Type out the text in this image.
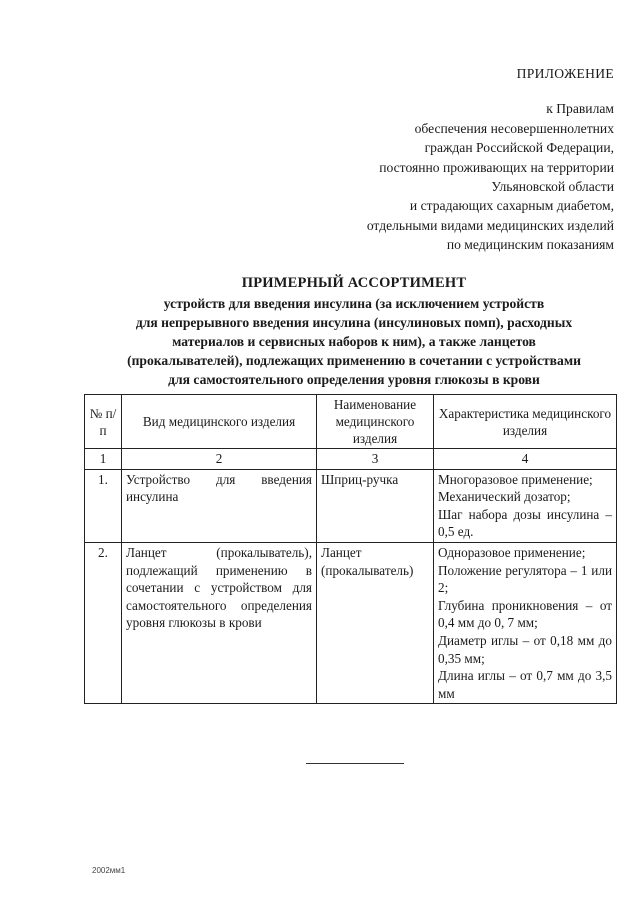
ПРИЛОЖЕНИЕ
к Правилам
обеспечения несовершеннолетних
граждан Российской Федерации,
постоянно проживающих на территории
Ульяновской области
и страдающих сахарным диабетом,
отдельными видами медицинских изделий
по медицинским показаниям
ПРИМЕРНЫЙ АССОРТИМЕНТ
устройств для введения инсулина (за исключением устройств
для непрерывного введения инсулина (инсулиновых помп), расходных
материалов и сервисных наборов к ним), а также ланцетов
(прокалывателей), подлежащих применению в сочетании с устройствами
для самостоятельного определения уровня глюкозы в крови
№ п/п	Вид медицинского изделия	Наименование медицинского изделия	Характеристика медицинского изделия
1	2	3	4
1.	Устройство для введения инсулина	Шприц-ручка	Многоразовое применение;
Механический дозатор;
Шаг набора дозы инсулина – 0,5 ед.

2.	Ланцет (прокалыватель), подлежащий применению в сочетании с устройством для самостоятельного определения уровня глюкозы в крови	Ланцет (прокалыватель)	Одноразовое применение;
Положение регулятора – 1 или 2;
Глубина проникновения – от 0,4 мм до 0, 7 мм;
Диаметр иглы – от 0,18 мм до 0,35 мм;
Длина иглы – от 0,7 мм до 3,5 мм
2002мм1
